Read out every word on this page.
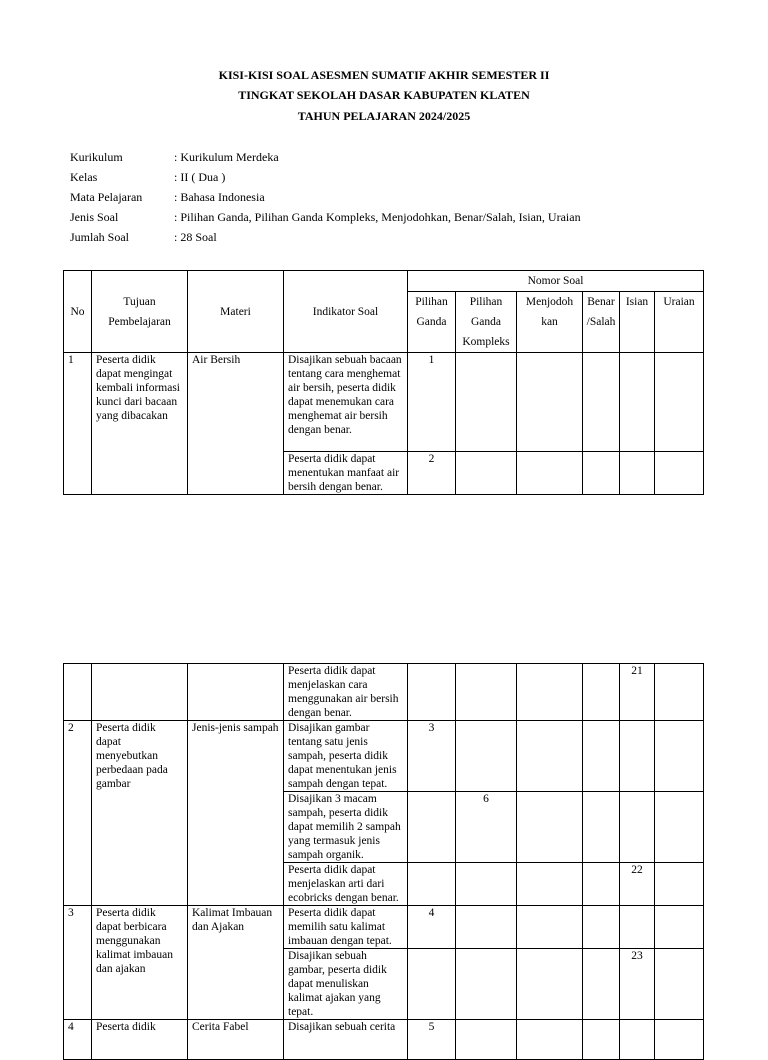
KISI-KISI SOAL ASESMEN SUMATIF AKHIR SEMESTER II
TINGKAT SEKOLAH DASAR KABUPATEN KLATEN
TAHUN PELAJARAN 2024/2025
Kurikulum	: Kurikulum Merdeka
Kelas	: II ( Dua )
Mata Pelajaran	: Bahasa Indonesia
Jenis Soal	: Pilihan Ganda, Pilihan Ganda Kompleks, Menjodohkan, Benar/Salah, Isian, Uraian
Jumlah Soal	: 28 Soal
No	Tujuan Pembelajaran	Materi	Indikator Soal	Nomor Soal					
				Pilihan Ganda	Pilihan Ganda Kompleks	Menjodoh kan	Benar /Salah	Isian	Uraian
1	Peserta didik dapat mengingat kembali informasi kunci dari bacaan yang dibacakan	Air Bersih	Disajikan sebuah bacaan tentang cara menghemat air bersih, peserta didik dapat menemukan cara menghemat air bersih dengan benar.	1					
			Peserta didik dapat menentukan manfaat air bersih dengan benar.	2					
			Peserta didik dapat menjelaskan cara menggunakan air bersih dengan benar.					21	
2	Peserta didik dapat menyebutkan perbedaan pada gambar	Jenis-jenis sampah	Disajikan gambar tentang satu jenis sampah, peserta didik dapat menentukan jenis sampah dengan tepat.	3					
			Disajikan 3 macam sampah, peserta didik dapat memilih 2 sampah yang termasuk jenis sampah organik.		6				
			Peserta didik dapat menjelaskan arti dari ecobricks dengan benar.					22	
3	Peserta didik dapat berbicara menggunakan kalimat imbauan dan ajakan	Kalimat Imbauan dan Ajakan	Peserta didik dapat memilih satu kalimat imbauan dengan tepat.	4					
			Disajikan sebuah gambar, peserta didik dapat menuliskan kalimat ajakan yang tepat.					23	
4	Peserta didik	Cerita Fabel	Disajikan sebuah cerita	5					
